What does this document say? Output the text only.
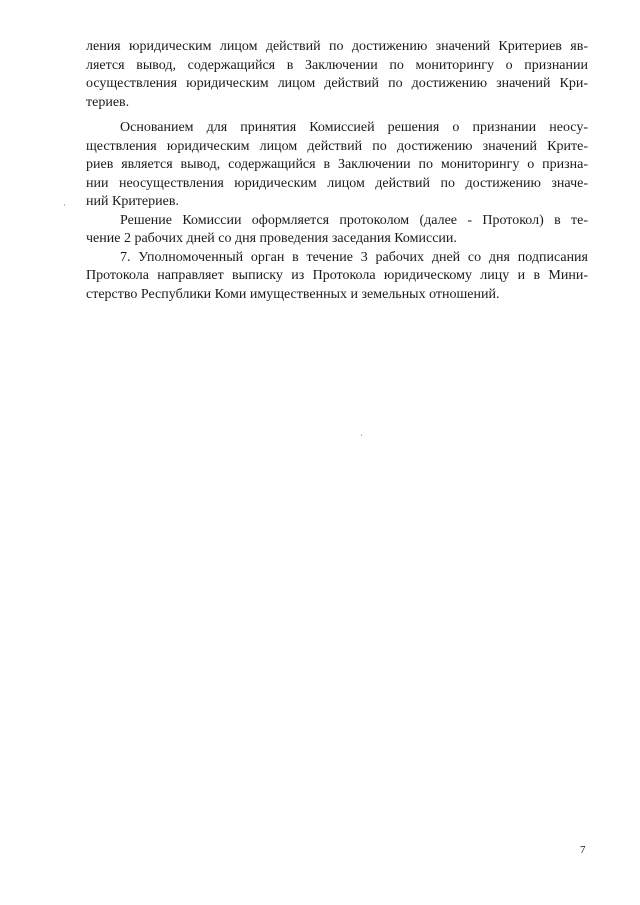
ления юридическим лицом действий по достижению значений Критериев яв-
ляется вывод, содержащийся в Заключении по мониторингу о признании
осуществления юридическим лицом действий по достижению значений Кри-
териев.

Основанием для принятия Комиссией решения о признании неосу-
ществления юридическим лицом действий по достижению значений Крите-
риев является вывод, содержащийся в Заключении по мониторингу о призна-
нии неосуществления юридическим лицом действий по достижению значе-
ний Критериев.

Решение Комиссии оформляется протоколом (далее - Протокол) в те-
чение 2 рабочих дней со дня проведения заседания Комиссии.

7. Уполномоченный орган в течение 3 рабочих дней со дня подписания
Протокола направляет выписку из Протокола юридическому лицу и в Мини-
стерство Республики Коми имущественных и земельных отношений.

7
